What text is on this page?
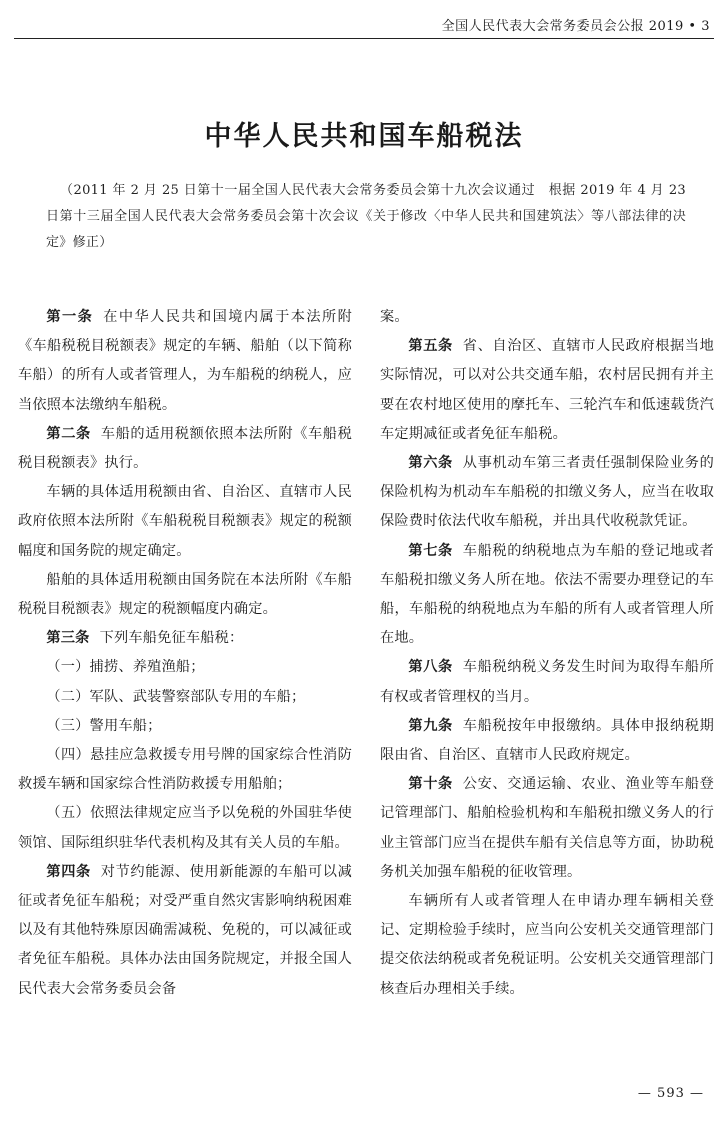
全国人民代表大会常务委员会公报 2019 • 3
中华人民共和国车船税法
（2011 年 2 月 25 日第十一届全国人民代表大会常务委员会第十九次会议通过　根据 2019 年 4 月 23 日第十三届全国人民代表大会常务委员会第十次会议《关于修改〈中华人民共和国建筑法〉等八部法律的决定》修正）

第一条 在中华人民共和国境内属于本法所附《车船税税目税额表》规定的车辆、船舶（以下简称车船）的所有人或者管理人，为车船税的纳税人，应当依照本法缴纳车船税。

第二条 车船的适用税额依照本法所附《车船税税目税额表》执行。

车辆的具体适用税额由省、自治区、直辖市人民政府依照本法所附《车船税税目税额表》规定的税额幅度和国务院的规定确定。

船舶的具体适用税额由国务院在本法所附《车船税税目税额表》规定的税额幅度内确定。

第三条 下列车船免征车船税：

（一）捕捞、养殖渔船；

（二）军队、武装警察部队专用的车船；

（三）警用车船；

（四）悬挂应急救援专用号牌的国家综合性消防救援车辆和国家综合性消防救援专用船舶；

（五）依照法律规定应当予以免税的外国驻华使领馆、国际组织驻华代表机构及其有关人员的车船。

第四条 对节约能源、使用新能源的车船可以减征或者免征车船税；对受严重自然灾害影响纳税困难以及有其他特殊原因确需减税、免税的，可以减征或者免征车船税。具体办法由国务院规定，并报全国人民代表大会常务委员会备

案。

第五条 省、自治区、直辖市人民政府根据当地实际情况，可以对公共交通车船，农村居民拥有并主要在农村地区使用的摩托车、三轮汽车和低速载货汽车定期减征或者免征车船税。

第六条 从事机动车第三者责任强制保险业务的保险机构为机动车车船税的扣缴义务人，应当在收取保险费时依法代收车船税，并出具代收税款凭证。

第七条 车船税的纳税地点为车船的登记地或者车船税扣缴义务人所在地。依法不需要办理登记的车船，车船税的纳税地点为车船的所有人或者管理人所在地。

第八条 车船税纳税义务发生时间为取得车船所有权或者管理权的当月。

第九条 车船税按年申报缴纳。具体申报纳税期限由省、自治区、直辖市人民政府规定。

第十条 公安、交通运输、农业、渔业等车船登记管理部门、船舶检验机构和车船税扣缴义务人的行业主管部门应当在提供车船有关信息等方面，协助税务机关加强车船税的征收管理。

车辆所有人或者管理人在申请办理车辆相关登记、定期检验手续时，应当向公安机关交通管理部门提交依法纳税或者免税证明。公安机关交通管理部门核查后办理相关手续。

— 593 —
